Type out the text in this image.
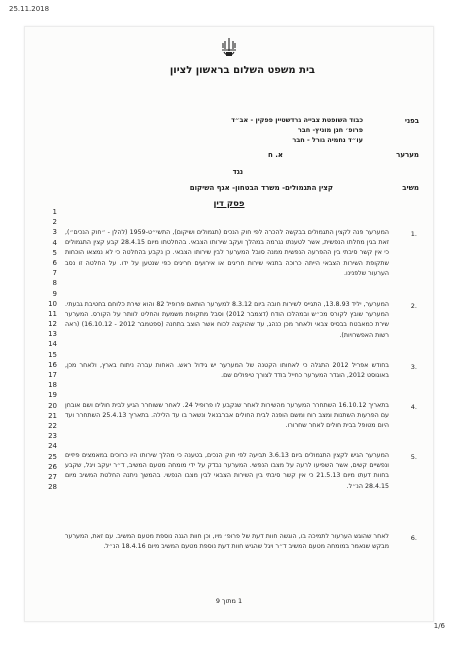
25.11.2018
1/6
בית משפט השלום בראשון לציון
בפני
כבוד השופטת צבייה גרדשטיין פפקין - אב״ד
פרופ׳ חנן מוניץ- חבר
עו״ד נחמיה גורל - חבר
מערער
א. ח
נגד
משיב
קצין התגמולים- משרד הבטחון- אגף השיקום
פסק דין
1
2
3
4
5
6
7
8
9
10
11
12
13
14
15
16
17
18
19
20
21
22
23
24
25
26
27
28
1.
המערער פנה לקצין התגמולים בבקשה להכרה לפי חוק הנכים (תגמולים ושיקום), התשי״ט-1959 (להלן - ״חוק הנכים״), זאת בגין מחלתו הנפשית, אשר לטענתו נגרמה במהלך ועקב שירותו הצבאי. בהחלטתו מיום 28.4.15 קבע קצין התגמולים כי אין קשר סיבתי בין ההפרעה הנפשית ממנה סובל המערער לבין שירותו הצבאי. כן נקבע בהחלטה כי לא נמצאו הוכחות שתקופת השירות הצבאי הייתה כרוכה בתנאי שירות חריגים או אירועים חריגים כפי שנטען על ידו. על החלטה זו נסב הערעור שלפנינו.
2.
המערער, יליד 13.8.93, התגייס לשירות חובה ביום 8.3.12 למערער הותאם פרופיל 82 והוא שירת כלוחם בחטיבת גבעתי. המערער שובץ לקורס מכ״ש ובמהלכו הודח (דצמבר 2012) וסבל מתקופת משמעת והחליט לוותר על הקורס. המערער שירת כמאבטח בבסיס צבאי ולאחר מכן כנהג, עד שהוקצה לכוח אשר הוצב בתחנה (ספטמבר 2012 - 16.10.12) (ראה רשות האפשרויות).
3.
בחודש אפריל 2012 התגלה כי לאחותו הקטנה של המערער יש גידול ראש. האחות עברה ניתוח בארץ, ולאחר מכן, באוגוסט 2012, הוגדר המערער כחייל בודד לצורך טיפולים שם.
4.
בתאריך 16.10.12 השתחרר המערער מהשירות לאחר שנקבע לו פרופיל 24. לאחר ששוחרר הגיע לבית חולים ושם אובחן עם הפרעות השתנות ומצב רוח ומשם הופנה לבית החולים אברבנאל ונשאר בו עד הלילה. בתאריך 25.4.13 השתחרר ועד היום מטופל בבית חולים לאחר שחרורו.
5.
המערער הגיש לקצין התגמולים ביום 3.6.13 תביעה לפי חוק הנכים, בטענה כי מהלך שירותו היו כרוכים במאמצים פיזיים ונפשיים קשים, אשר השפיעו לרעה על מצבו הנפשי. המערער נבדק על ידי מומחה מטעם המשיב, ד״ר יעקב ויגל, שקבע בחוות דעתו מיום 21.5.13 כי אין קשר סיבתי בין השירות הצבאי לבין מצבו הנפשי. בהמשך ניתנה החלטת המשיב מיום 28.4.15 הנ״ל.
6.
לאחר שהוגש הערעור לתמיכה בו, הוגשה חוות דעת של פרופ׳ מיו, וכן חוות הגנה נוספת מטעם המשיב. עם זאת, המערער מבקש שנאמר במומחה מטעם המשיב ד״ר ויגל שהגיש חוות דעת נוספת מטעם המשיב מיום 18.4.16 הנ״ל.
1 מתוך 9
